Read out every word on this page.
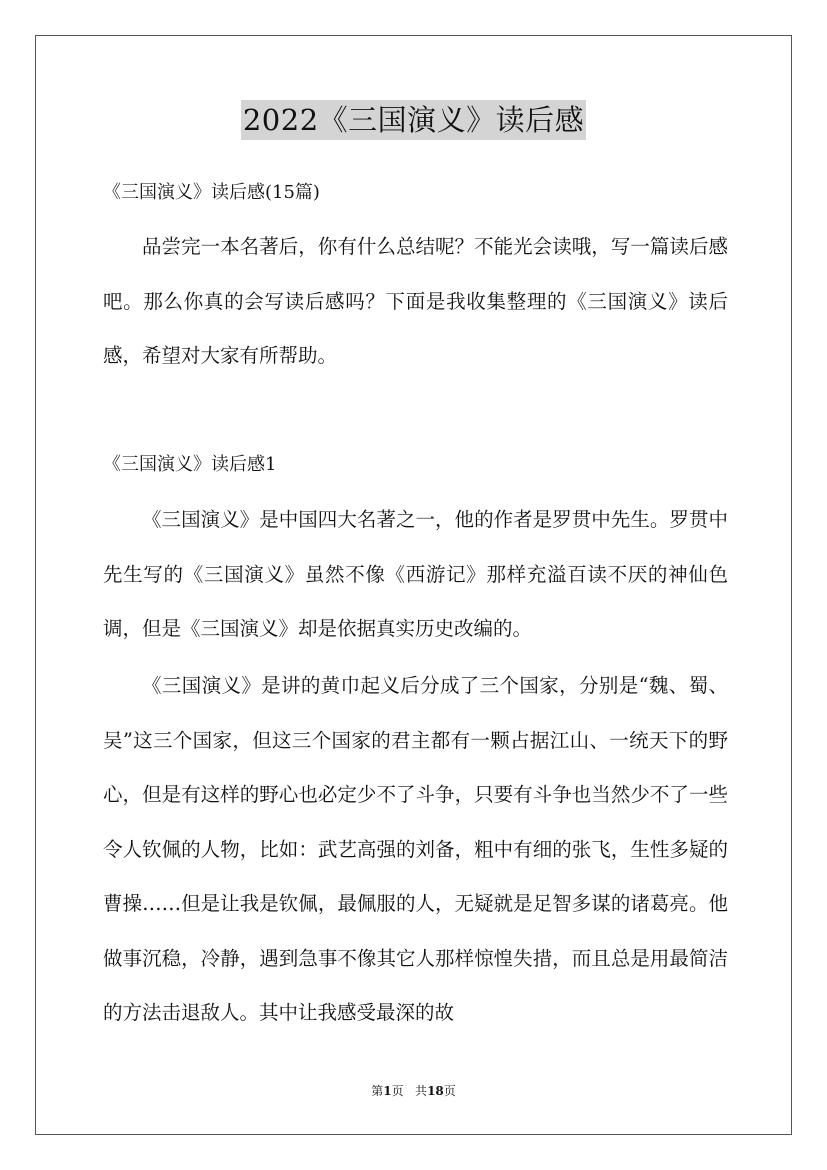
2022《三国演义》读后感
《三国演义》读后感(15篇)

品尝完一本名著后，你有什么总结呢？不能光会读哦，写一篇读后感吧。那么你真的会写读后感吗？下面是我收集整理的《三国演义》读后感，希望对大家有所帮助。

《三国演义》读后感1

《三国演义》是中国四大名著之一，他的作者是罗贯中先生。罗贯中先生写的《三国演义》虽然不像《西游记》那样充溢百读不厌的神仙色调，但是《三国演义》却是依据真实历史改编的。

《三国演义》是讲的黄巾起义后分成了三个国家，分别是“魏、蜀、吴”这三个国家，但这三个国家的君主都有一颗占据江山、一统天下的野心，但是有这样的野心也必定少不了斗争，只要有斗争也当然少不了一些令人钦佩的人物，比如：武艺高强的刘备，粗中有细的张飞，生性多疑的曹操……但是让我是钦佩，最佩服的人，无疑就是足智多谋的诸葛亮。他做事沉稳，冷静，遇到急事不像其它人那样惊惶失措，而且总是用最简洁的方法击退敌人。其中让我感受最深的故

第1页 共18页
